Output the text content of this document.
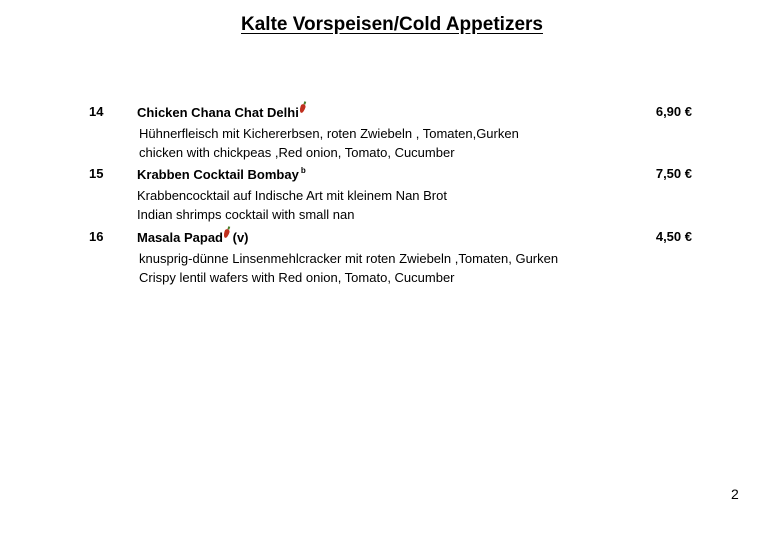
Kalte Vorspeisen/Cold Appetizers
14	Chicken Chana Chat Delhi	6,90 €
Hühnerfleisch mit Kichererbsen, roten Zwiebeln , Tomaten,Gurken
chicken with chickpeas ,Red onion, Tomato, Cucumber
15	Krabben Cocktail Bombay $^b$	7,50 €
Krabbencocktail auf Indische Art mit kleinem Nan Brot
Indian shrimps cocktail with small nan
16	Masala Papad (v)	4,50 €
knusprig-dünne Linsenmehlcracker mit roten Zwiebeln ,Tomaten, Gurken
Crispy lentil wafers with Red onion, Tomato, Cucumber
2
